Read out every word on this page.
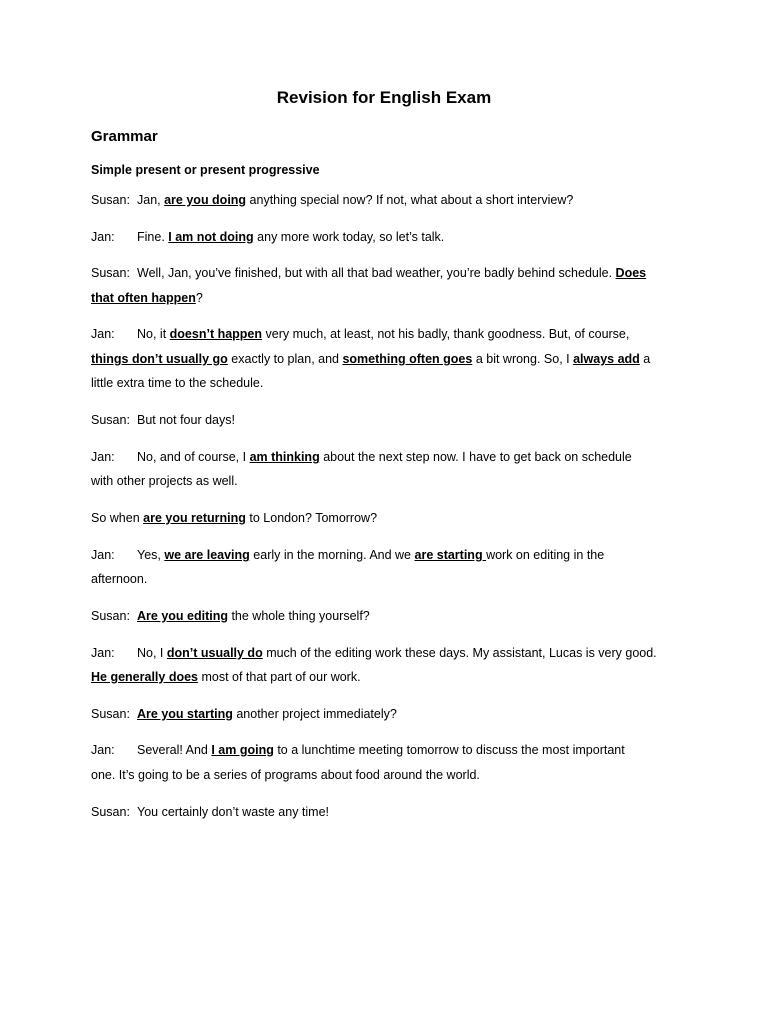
Revision for English Exam
Grammar
Simple present or present progressive
Susan: Jan, are you doing anything special now? If not, what about a short interview?
Jan: Fine. I am not doing any more work today, so let’s talk.
Susan: Well, Jan, you’ve finished, but with all that bad weather, you’re badly behind schedule. Does
that often happen?
Jan: No, it doesn’t happen very much, at least, not his badly, thank goodness. But, of course,
things don’t usually go exactly to plan, and something often goes a bit wrong. So, I always add a
little extra time to the schedule.
Susan: But not four days!
Jan: No, and of course, I am thinking about the next step now. I have to get back on schedule
with other projects as well.
So when are you returning to London? Tomorrow?
Jan: Yes, we are leaving early in the morning. And we are starting work on editing in the
afternoon.
Susan: Are you editing the whole thing yourself?
Jan: No, I don’t usually do much of the editing work these days. My assistant, Lucas is very good.
He generally does most of that part of our work.
Susan: Are you starting another project immediately?
Jan: Several! And I am going to a lunchtime meeting tomorrow to discuss the most important
one. It’s going to be a series of programs about food around the world.
Susan: You certainly don’t waste any time!
